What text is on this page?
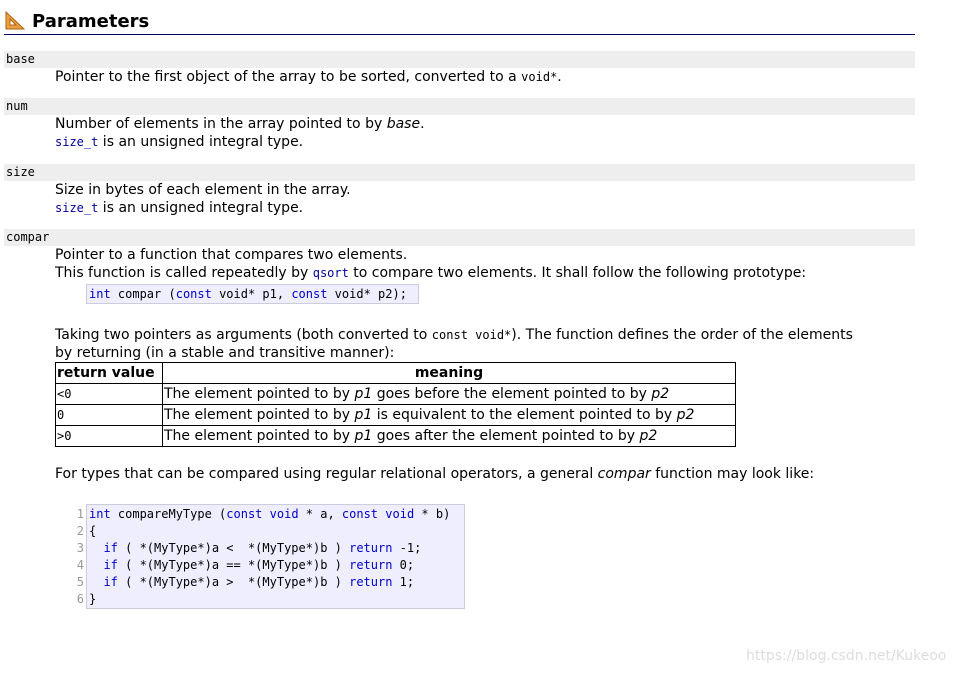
Parameters
base
Pointer to the first object of the array to be sorted, converted to a void*.
num
Number of elements in the array pointed to by base.
size_t is an unsigned integral type.
size
Size in bytes of each element in the array.
size_t is an unsigned integral type.
compar
Pointer to a function that compares two elements.
This function is called repeatedly by qsort to compare two elements. It shall follow the following prototype:
int compar (const void* p1, const void* p2);
Taking two pointers as arguments (both converted to const void*). The function defines the order of the elements
by returning (in a stable and transitive manner):
return value	meaning
<0	The element pointed to by p1 goes before the element pointed to by p2
0	The element pointed to by p1 is equivalent to the element pointed to by p2
>0	The element pointed to by p1 goes after the element pointed to by p2
For types that can be compared using regular relational operators, a general compar function may look like:
1
2
3
4
5
6
int compareMyType (const void * a, const void * b)
{
if ( *(MyType*)a <  *(MyType*)b ) return -1;
if ( *(MyType*)a == *(MyType*)b ) return 0;
if ( *(MyType*)a >  *(MyType*)b ) return 1;
}
https://blog.csdn.net/Kukeoo
